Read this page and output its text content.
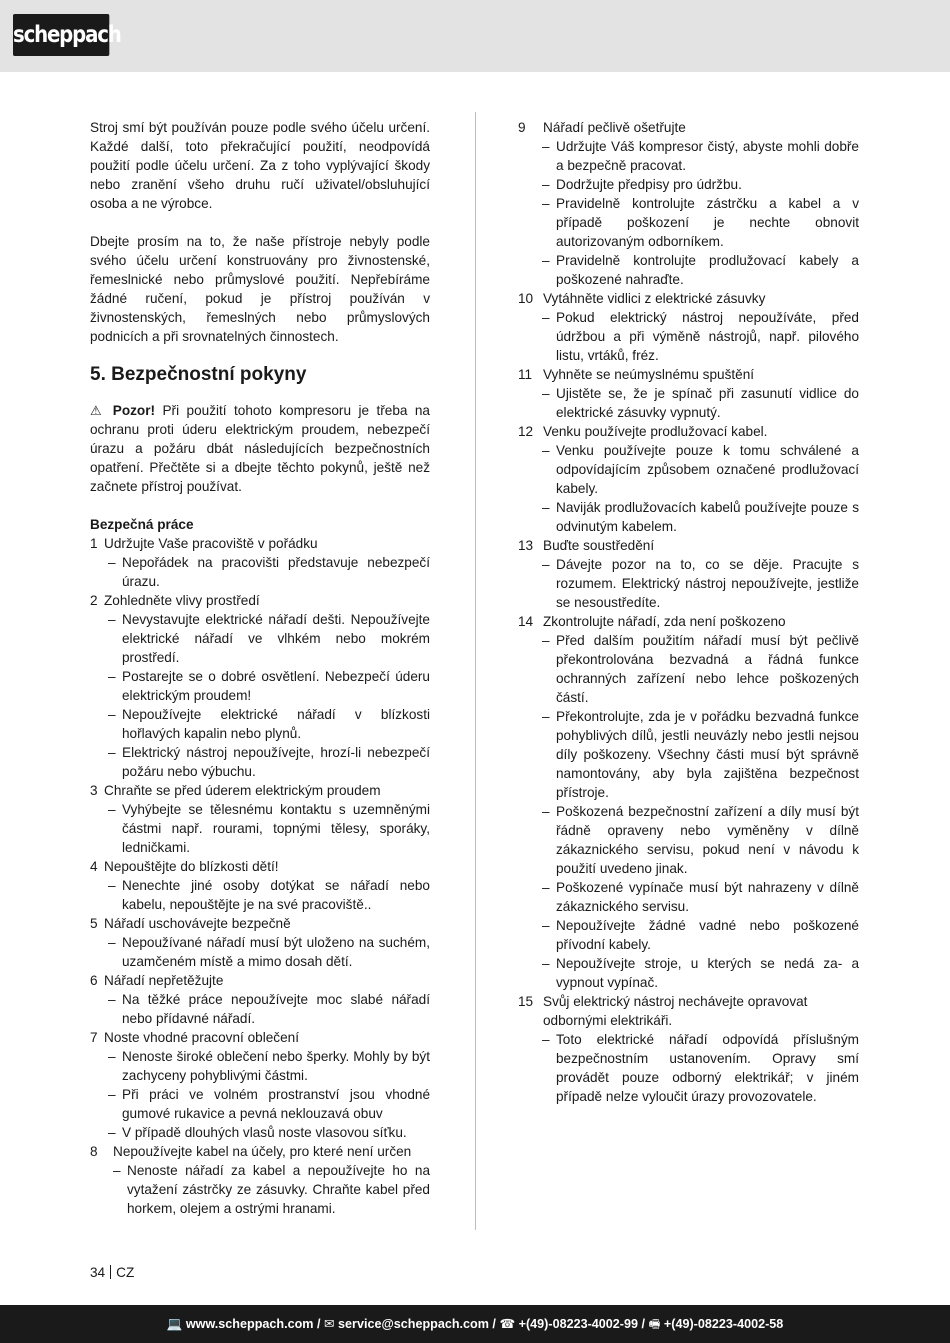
scheppach
Stroj smí být používán pouze podle svého účelu určení. Každé další, toto překračující použití, neodpovídá použití podle účelu určení. Za z toho vyplývající škody nebo zranění všeho druhu ručí uživatel/obsluhující osoba a ne výrobce.
Dbejte prosím na to, že naše přístroje nebyly podle svého účelu určení konstruovány pro živnostenské, řemeslnické nebo průmyslové použití. Nepřebíráme žádné ručení, pokud je přístroj používán v živnostenských, řemeslných nebo průmyslových podnicích a při srovnatelných činnostech.
5. Bezpečnostní pokyny
⚠ Pozor! Při použití tohoto kompresoru je třeba na ochranu proti úderu elektrickým proudem, nebezpečí úrazu a požáru dbát následujících bezpečnostních opatření. Přečtěte si a dbejte těchto pokynů, ještě než začnete přístroj používat.
Bezpečná práce
1 Udržujte Vaše pracoviště v pořádku
– Nepořádek na pracovišti představuje nebezpečí úrazu.
2 Zohledněte vlivy prostředí
– Nevystavujte elektrické nářadí dešti. Nepoužívejte elektrické nářadí ve vlhkém nebo mokrém prostředí.
– Postarejte se o dobré osvětlení. Nebezpečí úderu elektrickým proudem!
– Nepoužívejte elektrické nářadí v blízkosti hořlavých kapalin nebo plynů.
– Elektrický nástroj nepoužívejte, hrozí-li nebezpečí požáru nebo výbuchu.
3 Chraňte se před úderem elektrickým proudem
– Vyhýbejte se tělesnému kontaktu s uzemněnými částmi např. rourami, topnými tělesy, sporáky, ledničkami.
4 Nepouštějte do blízkosti dětí!
– Nenechte jiné osoby dotýkat se nářadí nebo kabelu, nepouštějte je na své pracoviště..
5 Nářadí uschovávejte bezpečně
– Nepoužívané nářadí musí být uloženo na suchém, uzamčeném místě a mimo dosah dětí.
6 Nářadí nepřetěžujte
– Na těžké práce nepoužívejte moc slabé nářadí nebo přídavné nářadí.
7 Noste vhodné pracovní oblečení
– Nenoste široké oblečení nebo šperky. Mohly by být zachyceny pohyblivými částmi.
– Při práci ve volném prostranství jsou vhodné gumové rukavice a pevná neklouzavá obuv
– V případě dlouhých vlasů noste vlasovou síťku.
8	Nepoužívejte kabel na účely, pro které není určen
– Nenoste nářadí za kabel a nepoužívejte ho na vytažení zástrčky ze zásuvky. Chraňte kabel před horkem, olejem a ostrými hranami.
9	Nářadí pečlivě ošetřujte
– Udržujte Váš kompresor čistý, abyste mohli dobře a bezpečně pracovat.
– Dodržujte předpisy pro údržbu.
– Pravidelně kontrolujte zástrčku a kabel a v případě poškození je nechte obnovit autorizovaným odborníkem.
– Pravidelně kontrolujte prodlužovací kabely a poškozené nahraďte.
10 Vytáhněte vidlici z elektrické zásuvky
– Pokud elektrický nástroj nepoužíváte, před údržbou a při výměně nástrojů, např. pilového listu, vrtáků, fréz.
11 Vyhněte se neúmyslnému spuštění
– Ujistěte se, že je spínač při zasunutí vidlice do elektrické zásuvky vypnutý.
12 Venku používejte prodlužovací kabel.
– Venku používejte pouze k tomu schválené a odpovídajícím způsobem označené prodlužovací kabely.
– Naviják prodlužovacích kabelů používejte pouze s odvinutým kabelem.
13 Buďte soustředění
– Dávejte pozor na to, co se děje. Pracujte s rozumem. Elektrický nástroj nepoužívejte, jestliže se nesoustředíte.
14 Zkontrolujte nářadí, zda není poškozeno
– Před dalším použitím nářadí musí být pečlivě překontrolována bezvadná a řádná funkce ochranných zařízení nebo lehce poškozených částí.
– Překontrolujte, zda je v pořádku bezvadná funkce pohyblivých dílů, jestli neuvázly nebo jestli nejsou díly poškozeny. Všechny části musí být správně namontovány, aby byla zajištěna bezpečnost přístroje.
– Poškozená bezpečnostní zařízení a díly musí být řádně opraveny nebo vyměněny v dílně zákaznického servisu, pokud není v návodu k použití uvedeno jinak.
– Poškozené vypínače musí být nahrazeny v dílně zákaznického servisu.
– Nepoužívejte žádné vadné nebo poškozené přívodní kabely.
– Nepoužívejte stroje, u kterých se nedá za- a vypnout vypínač.
15 Svůj elektrický nástroj nechávejte opravovat odbornými elektrikáři.
– Toto elektrické nářadí odpovídá příslušným bezpečnostním ustanovením. Opravy smí provádět pouze odborný elektrikář; v jiném případě nelze vyloučit úrazy provozovatele.
34 CZ
💻 www.scheppach.com / ✉ service@scheppach.com / ☎ +(49)-08223-4002-99 / 🖷 +(49)-08223-4002-58
